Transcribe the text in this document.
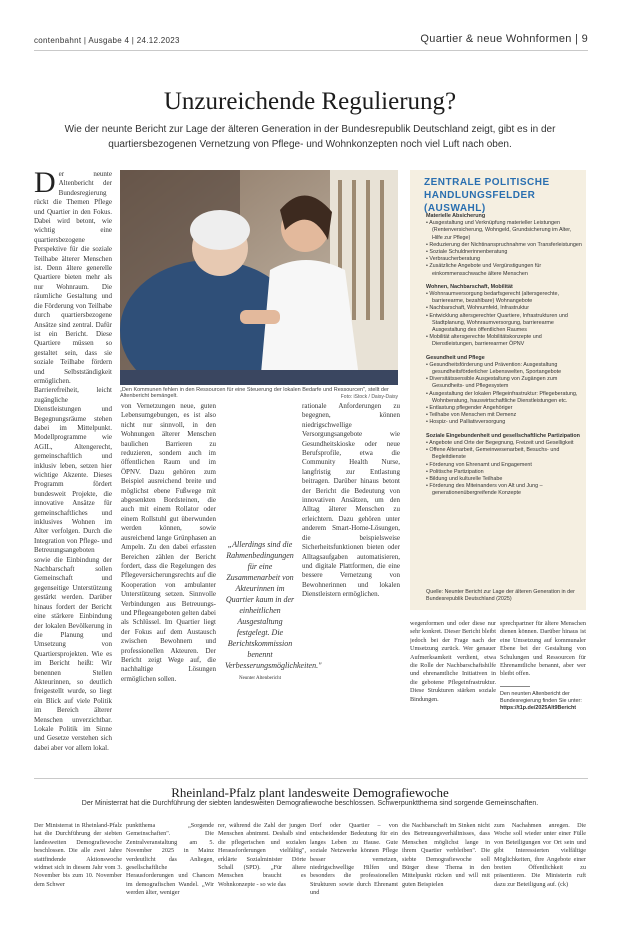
contenbahnt | Ausgabe 4 | 24.12.2023	Quartier & neue Wohnformen | 9
Unzureichende Regulierung?
Wie der neunte Bericht zur Lage der älteren Generation in der Bundesrepublik Deutschland zeigt, gibt es in der quartiersbezogenen Vernetzung von Pflege- und Wohnkonzepten noch viel Luft nach oben.
Der neunte Altenbericht der Bundesregierung rückt die Themen Pflege und Quartier in den Fokus. Dabei wird betont, wie wichtig eine quartiersbezogene Perspektive für die soziale Teilhabe älterer Menschen ist. Denn ältere generelle Quartiere bieten mehr als nur Wohnraum. Die räumliche Gestaltung und die Förderung von Teilhabe durch quartiersbezogene Ansätze sind zentral. Dafür ist ein Bericht. Diese Quartiere müssen so gestaltet sein, dass sie soziale Teilhabe fördern und Selbstständigkeit ermöglichen. Barrierefreiheit, leicht zugängliche Dienstleistungen und Begegnungsräume stehen dabei im Mittelpunkt. Modellprogramme wie AGIL, Altengerecht, gemeinschaftlich und inklusiv leben, setzen hier wichtige Akzente. Dieses Programm fördert bundesweit Projekte, die innovative Ansätze für gemeinschaftliches und inklusives Wohnen im Alter verfolgen. Durch die Integration von Pflege- und Betreuungsangeboten sowie die Einbindung der Nachbarschaft sollen Gemeinschaft und gegenseitige Unterstützung gestärkt werden. Darüber hinaus fordert der Bericht eine stärkere Einbindung der lokalen Bevölkerung in die Planung und Umsetzung von Quartiersprojekten. Wie es im Bericht heißt: Wir benennen Stellen Akteurinnen, so deutlich freigestellt wurde, so liegt ein Blick auf viele Politik im Bereich älterer Menschen unverzichtbar. Lokale Politik im Sinne und Gesetze verstehen sich dabei aber vor allem lokal.
„Den Kommunen fehlen in den Ressourcen für eine Steuerung der lokalen Bedarfe und Ressourcen", stellt der Altenbericht bemängelt.	Foto: iStock / Daisy-Daisy
von Vernetzungen neue, guten Lebensumgebungen, es ist also nicht nur sinnvoll, in den Wohnungen älterer Menschen baulichen Barrieren zu reduzieren, sondern auch im öffentlichen Raum und im ÖPNV. Dazu gehören zum Beispiel ausreichend breite und möglichst ebene Fußwege mit abgesenkten Bordsteinen, die auch mit einem Rollator oder einem Rollstuhl gut überwunden werden können, sowie ausreichend lange Grünphasen an Ampeln. Zu den dabei erfassten Bereichen zählen der Bericht fordert, dass die Regelungen des Pflegeversicherungsrechts auf die Kooperation von ambulanter Unterstützung setzen. Sinnvolle Verbindungen aus Betreuungs- und Pflegeangeboten gelten dabei als Schlüssel. Im Quartier liegt der Fokus auf dem Austausch zwischen Bewohnern und professionellen Akteuren. Der Bericht zeigt Wege auf, die nachhaltige Lösungen ermöglichen sollen.
„Allerdings sind die Rahmenbedingungen für eine Zusammenarbeit von Akteurinnen im Quartier kaum in der einheitlichen Ausgestaltung festgelegt. Die Berichtskommission benennt Verbesserungsmöglichkeiten."
Neunter Altenbericht
rationale Anforderungen zu begegnen, können niedrigschwellige Versorgungsangebote wie Gesundheitskioske oder neue Berufsprofile, etwa die Community Health Nurse, langfristig zur Entlastung beitragen. Darüber hinaus betont der Bericht die Bedeutung von innovativen Ansätzen, um den Alltag älterer Menschen zu erleichtern. Dazu gehören unter anderem Smart-Home-Lösungen, die beispielsweise Sicherheitsfunktionen bieten oder Alltagsaufgaben automatisieren, und digitale Plattformen, die eine bessere Vernetzung von Bewohnerinnen und lokalen Dienstleistern ermöglichen.
ZENTRALE POLITISCHE HANDLUNGSFELDER (AUSWAHL)
Materielle Absicherung
• Ausgestaltung und Verknüpfung materieller Leistungen (Rentenversicherung, Wohngeld, Grundsicherung im Alter, Hilfe zur Pflege)
• Reduzierung der Nichtinanspruchnahme von Transferleistungen
• Soziale Schuldnerinnenberatung
• Verbraucherberatung
• Zusätzliche Angebote und Vergünstigungen für einkommensschwache ältere Menschen
Wohnen, Nachbarschaft, Mobilität
• Wohnraumversorgung bedarfsgerecht (altersgerechte, barrierearme, bezahlbare) Wohnangebote
• Nachbarschaft, Wohnumfeld, Infrastruktur
• Entwicklung altersgerechter Quartiere, Infrastrukturen und Stadtplanung, Wohnraumversorgung, barrierearme Ausgestaltung des öffentlichen Raumes
• Mobilität altersgerechte Mobilitätskonzepte und Dienstleistungen, barrierearmer ÖPNV
Gesundheit und Pflege
• Gesundheitsförderung und Prävention: Ausgestaltung gesundheitsförderlicher Lebenswelten, Sportangebote
• Diversitätssensible Ausgestaltung von Zugängen zum Gesundheits- und Pflegesystem
• Ausgestaltung der lokalen Pflegeinfrastruktur: Pflegeberatung, Wohnberatung, hauswirtschaftliche Dienstleistungen etc.
• Entlastung pflegender Angehöriger
• Teilhabe von Menschen mit Demenz
• Hospiz- und Palliativversorgung
Soziale Eingebundenheit und gesellschaftliche Partizipation
• Angebote und Orte der Begegnung, Freizeit und Geselligkeit
• Offene Altenarbeit, Gemeinwesenarbeit, Besuchs- und Begleitdienste
• Förderung von Ehrenamt und Engagement
• Politische Partizipation
• Bildung und kulturelle Teilhabe
• Förderung des Miteinanders von Alt und Jung – generationenübergreifende Konzepte
Quelle: Neunter Bericht zur Lage der älteren Generation in der Bundesrepublik Deutschland (2025)
wegenformen und oder diese nur sehr konkret. Dieser Bericht bleibt jedoch bei der Frage nach der Umsetzung zurück. Wer genauer Aufmerksamkeit verdient, etwa die Rolle der Nachbarschaftshilfe und ehrenamtliche Initiativen in die gebotene Pflegeinfrastruktur. Diese Strukturen stärken soziale Bindungen.
sprechpartner für ältere Menschen dienen können. Darüber hinaus ist eine Umsetzung auf kommunaler Ebene bei der Gestaltung von Schulungen und Ressourcen für Ehrenamtliche benannt, aber wer bleibt offen.
Den neunten Altenbericht der Bundesregierung finden Sie unter:
https://t1p.de/2025Alt9Bericht
Rheinland-Pfalz plant landesweite Demografiewoche
Der Ministerrat hat die Durchführung der siebten landesweiten Demografiewoche beschlossen. Schwerpunktthema sind sorgende Gemeinschaften.
Der Ministerrat in Rheinland-Pfalz hat die Durchführung der siebten landesweiten Demografiewoche beschlossen. Die alle zwei Jahre stattfindende Aktionswoche widmet sich in diesem Jahr vom 3. November bis zum 10. November dem Schwer
punktthema „Sorgende Gemeinschaften". Die Zentralveranstaltung am 5. November 2025 in Mainz verdeutlicht das Anliegen, gesellschaftliche Herausforderungen und Chancen im demografischen Wandel. „Wir werden älter, weniger
rer, während die Zahl der jungen Menschen abnimmt. Deshalb sind die pflegerischen und sozialen Herausforderungen vielfältig", erklärte Sozialminister Dörte Schall (SPD). „Für ältere Menschen braucht es Wohnkonzepte - so wie das
Dorf oder Quartier – von entscheidender Bedeutung für ein langes Leben zu Hause. Gute soziale Netzwerke können Pflege besser vernetzen, niedrigschwellige Hilfen und besonders die professionellen Strukturen sowie durch Ehrenamt und
die Nachbarschaft im Sinken nicht des Betreuungsverhältnisses, dass Menschen möglichst lange in ihrem Quartier verbleiben". Die siebte Demografiewoche soll Bürger diese Thema in den Mittelpunkt rücken und will mit guten Beispielen
zum Nachahmen anregen. Die Woche soll wieder unter einer Fülle von Beteiligungen vor Ort sein und gibt Interessierten vielfältige Möglichkeiten, ihre Angebote einer breiten Öffentlichkeit zu präsentieren. Die Ministerin ruft dazu zur Beteiligung auf. (ck)
